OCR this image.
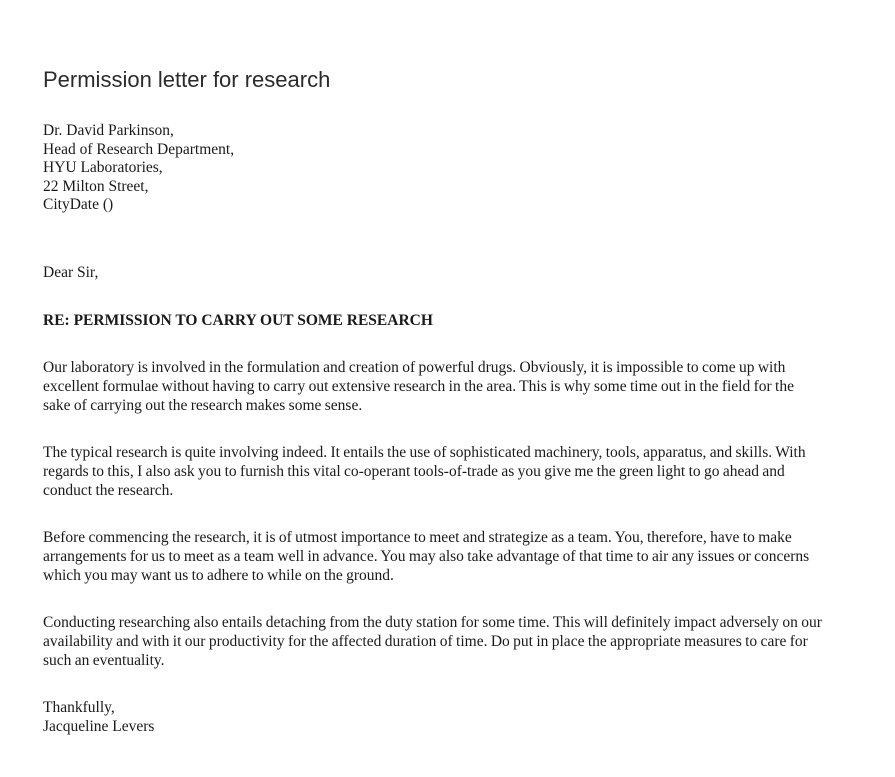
Permission letter for research
Dr. David Parkinson,
Head of Research Department,
HYU Laboratories,
22 Milton Street,
CityDate ()

Dear Sir,

RE: PERMISSION TO CARRY OUT SOME RESEARCH

Our laboratory is involved in the formulation and creation of powerful drugs. Obviously, it is impossible to come up with excellent formulae without having to carry out extensive research in the area. This is why some time out in the field for the sake of carrying out the research makes some sense.

The typical research is quite involving indeed. It entails the use of sophisticated machinery, tools, apparatus, and skills. With regards to this, I also ask you to furnish this vital co-operant tools-of-trade as you give me the green light to go ahead and conduct the research.

Before commencing the research, it is of utmost importance to meet and strategize as a team. You, therefore, have to make arrangements for us to meet as a team well in advance. You may also take advantage of that time to air any issues or concerns which you may want us to adhere to while on the ground.

Conducting researching also entails detaching from the duty station for some time. This will definitely impact adversely on our availability and with it our productivity for the affected duration of time. Do put in place the appropriate measures to care for such an eventuality.

Thankfully,
Jacqueline Levers
